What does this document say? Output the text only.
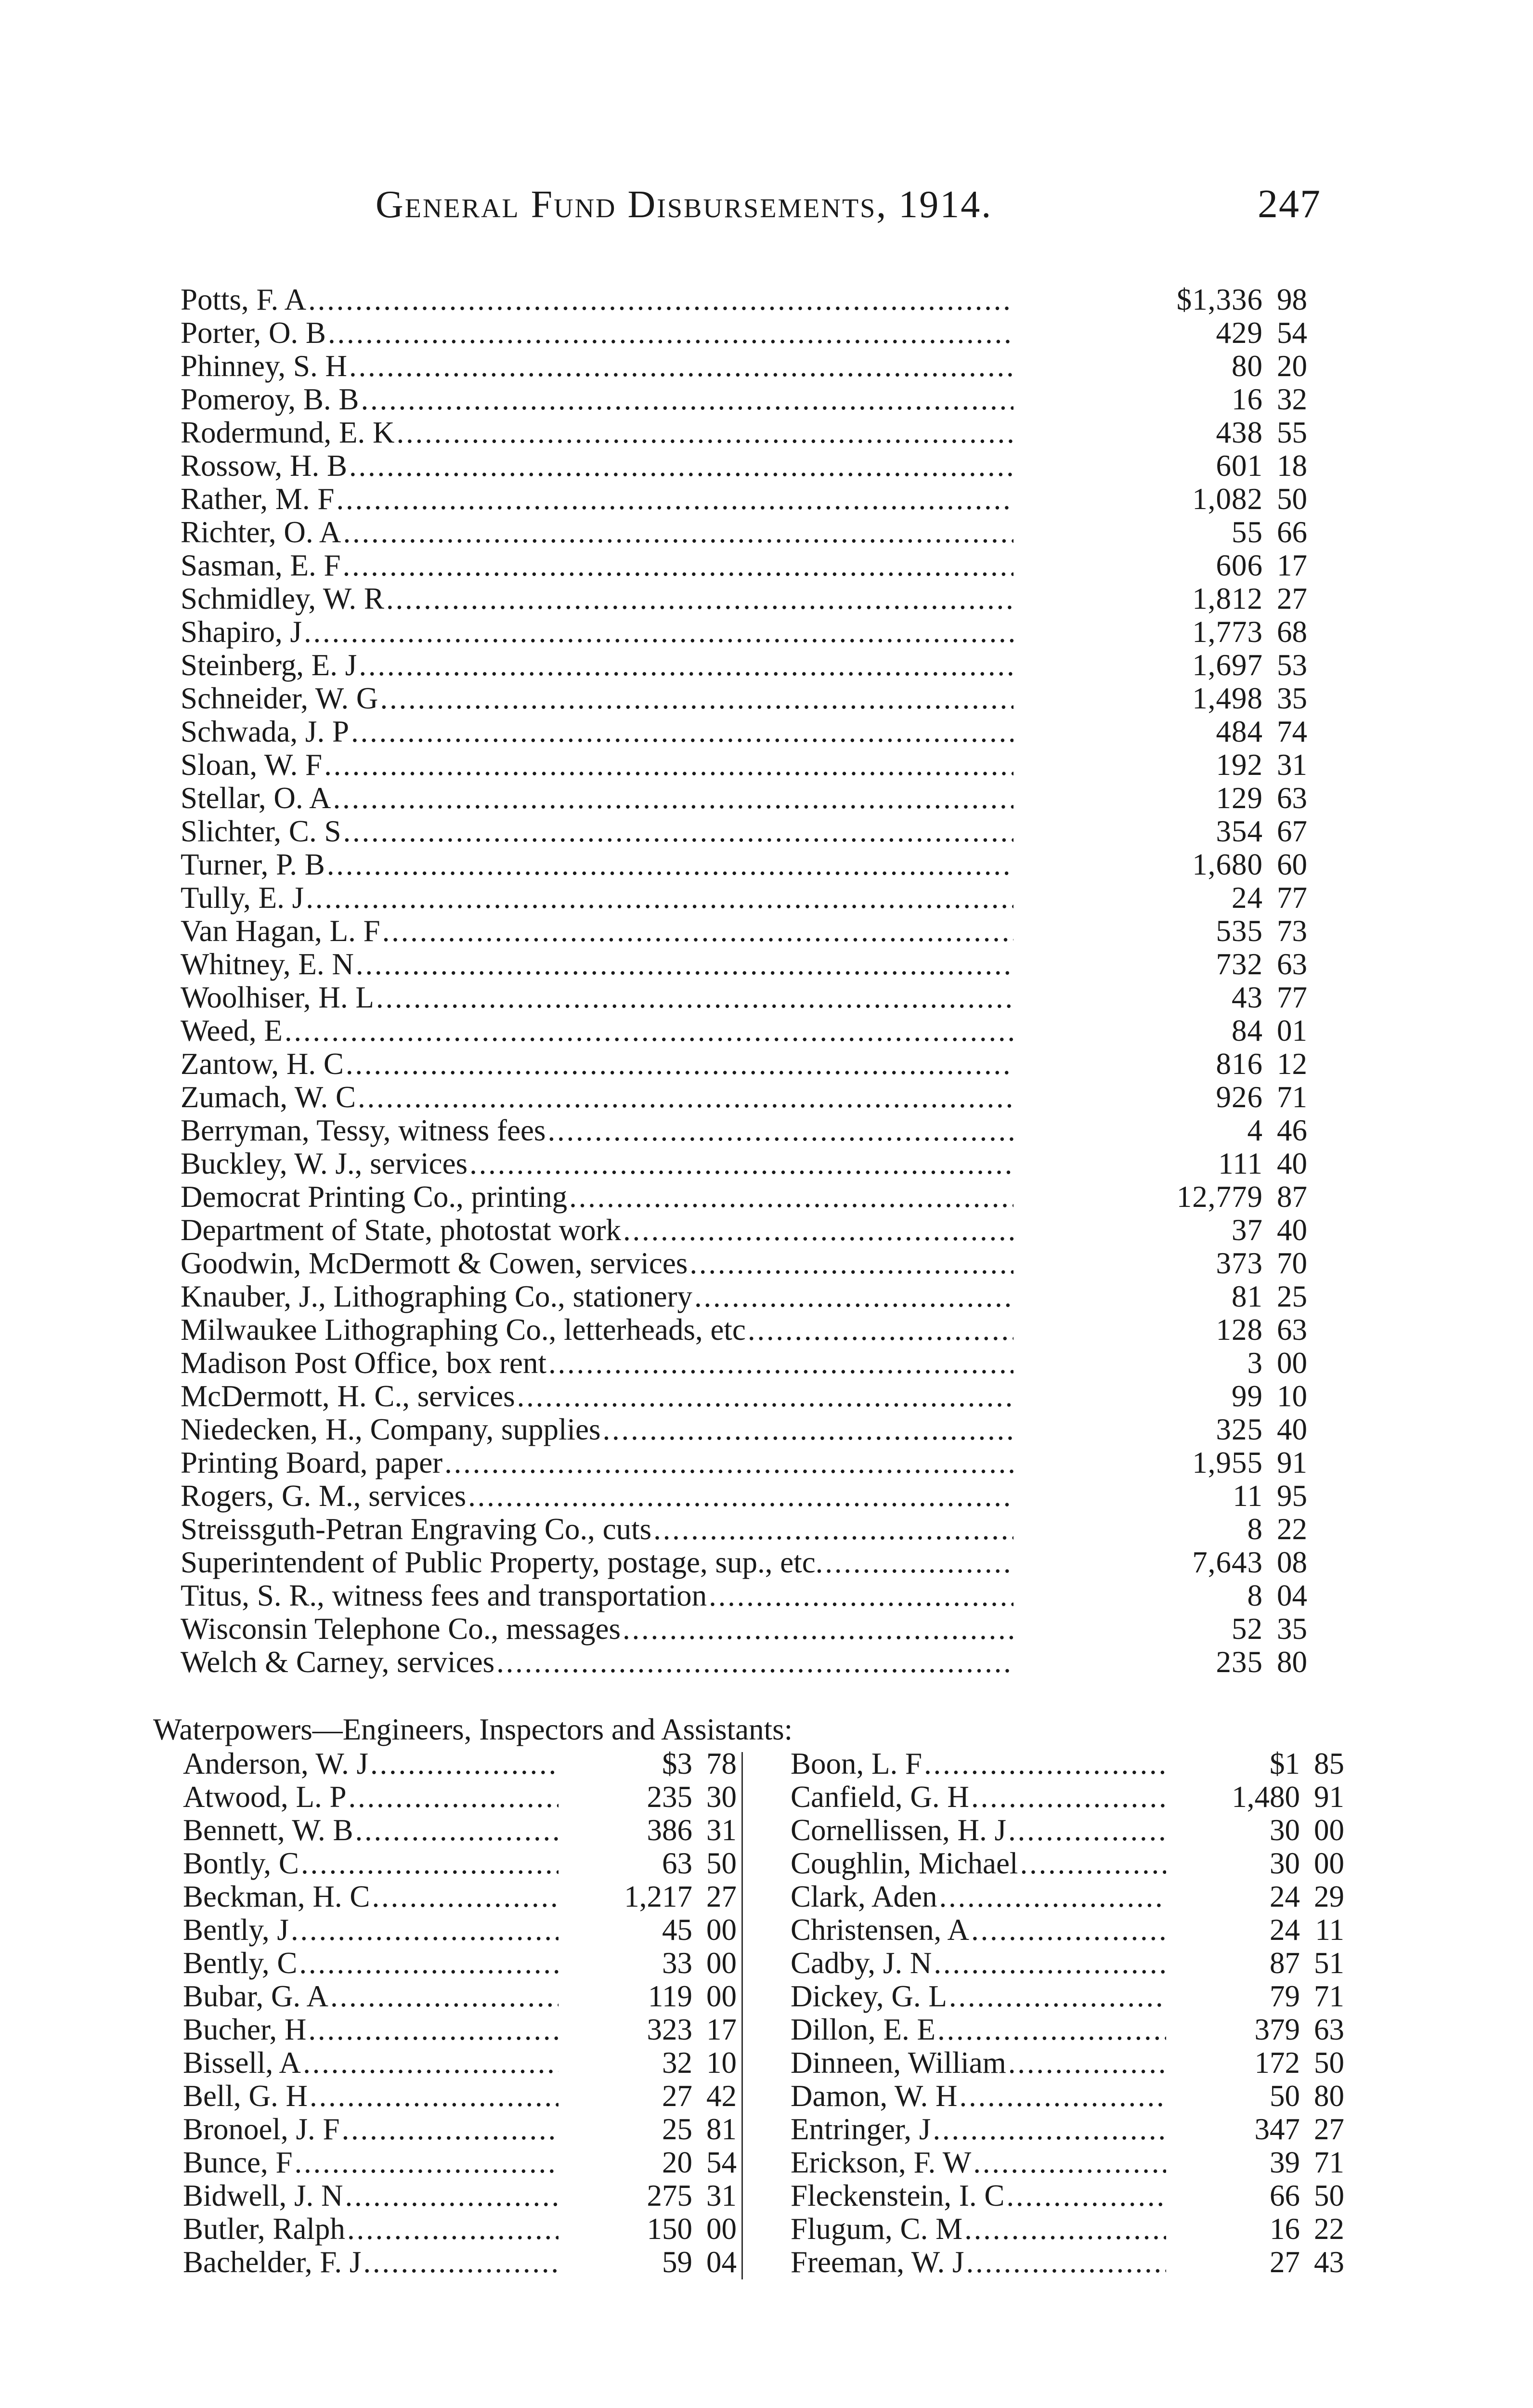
General Fund Disbursements, 1914.	247
Potts, F. A . . .	$1,336 98
Porter, O. B . . .	429 54
Phinney, S. H . . .	80 20
Pomeroy, B. B . . .	16 32
Rodermund, E. K . . .	438 55
Rossow, H. B . . .	601 18
Rather, M. F . . .	1,082 50
Richter, O. A . . .	55 66
Sasman, E. F . . .	606 17
Schmidley, W. R . . .	1,812 27
Shapiro, J . . .	1,773 68
Steinberg, E. J . . .	1,697 53
Schneider, W. G . . .	1,498 35
Schwada, J. P . . .	484 74
Sloan, W. F . . .	192 31
Stellar, O. A . . .	129 63
Slichter, C. S . . .	354 67
Turner, P. B . . .	1,680 60
Tully, E. J . . .	24 77
Van Hagan, L. F . . .	535 73
Whitney, E. N . . .	732 63
Woolhiser, H. L . . .	43 77
Weed, E . . .	84 01
Zantow, H. C . . .	816 12
Zumach, W. C . . .	926 71
Berryman, Tessy, witness fees . . .	4 46
Buckley, W. J., services . . .	111 40
Democrat Printing Co., printing . . .	12,779 87
Department of State, photostat work . . .	37 40
Goodwin, McDermott & Cowen, services . . .	373 70
Knauber, J., Lithographing Co., stationery . . .	81 25
Milwaukee Lithographing Co., letterheads, etc . . .	128 63
Madison Post Office, box rent . . .	3 00
McDermott, H. C., services . . .	99 10
Niedecken, H., Company, supplies . . .	325 40
Printing Board, paper . . .	1,955 91
Rogers, G. M., services . . .	11 95
Streissguth-Petran Engraving Co., cuts . . .	8 22
Superintendent of Public Property, postage, sup., etc. . . .	7,643 08
Titus, S. R., witness fees and transportation . . .	8 04
Wisconsin Telephone Co., messages . . .	52 35
Welch & Carney, services . . .	235 80
Waterpowers—Engineers, Inspectors and Assistants:
Anderson, W. J . . .	$3 78
Atwood, L. P . . .	235 30
Bennett, W. B . . .	386 31
Bontly, C . . .	63 50
Beckman, H. C . . .	1,217 27
Bently, J . . .	45 00
Bently, C . . .	33 00
Bubar, G. A . . .	119 00
Bucher, H . . .	323 17
Bissell, A . . .	32 10
Bell, G. H . . .	27 42
Bronoel, J. F . . .	25 81
Bunce, F . . .	20 54
Bidwell, J. N . . .	275 31
Butler, Ralph . . .	150 00
Bachelder, F. J . . .	59 04
Boon, L. F . . .	$1 85
Canfield, G. H . . .	1,480 91
Cornellissen, H. J . . .	30 00
Coughlin, Michael . . .	30 00
Clark, Aden . . .	24 29
Christensen, A . . .	24 11
Cadby, J. N . . .	87 51
Dickey, G. L . . .	79 71
Dillon, E. E . . .	379 63
Dinneen, William . . .	172 50
Damon, W. H . . .	50 80
Entringer, J . . .	347 27
Erickson, F. W . . .	39 71
Fleckenstein, I. C . . .	66 50
Flugum, C. M . . .	16 22
Freeman, W. J . . .	27 43
